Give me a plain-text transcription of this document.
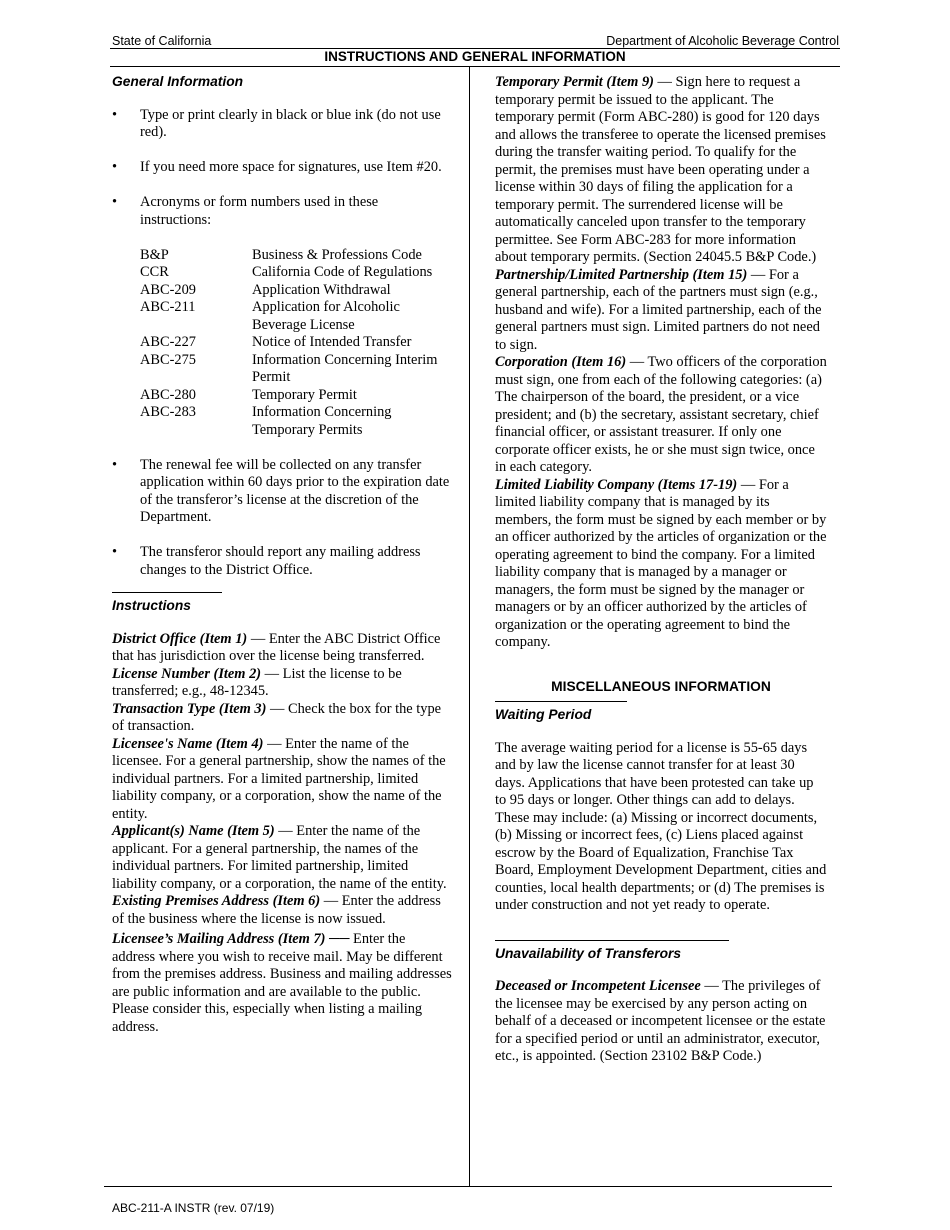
State of California	Department of Alcoholic Beverage Control
INSTRUCTIONS AND GENERAL INFORMATION
General Information
• Type or print clearly in black or blue ink (do not use red).
• If you need more space for signatures, use Item #20.
• Acronyms or form numbers used in these instructions:
B&P	Business & Professions Code
CCR	California Code of Regulations
ABC-209	Application Withdrawal
ABC-211	Application for Alcoholic Beverage License
ABC-227	Notice of Intended Transfer
ABC-275	Information Concerning Interim Permit
ABC-280	Temporary Permit
ABC-283	Information Concerning Temporary Permits
• The renewal fee will be collected on any transfer application within 60 days prior to the expiration date of the transferor’s license at the discretion of the Department.
• The transferor should report any mailing address changes to the District Office.
Instructions

District Office (Item 1) — Enter the ABC District Office that has jurisdiction over the license being transferred.

License Number (Item 2) — List the license to be transferred; e.g., 48-12345.

Transaction Type (Item 3) — Check the box for the type of transaction.

Licensee's Name (Item 4) — Enter the name of the licensee. For a general partnership, show the names of the individual partners. For a limited partnership, limited liability company, or a corporation, show the name of the entity.

Applicant(s) Name (Item 5) — Enter the name of the applicant. For a general partnership, the names of the individual partners. For limited partnership, limited liability company, or a corporation, the name of the entity.

Existing Premises Address (Item 6) — Enter the address of the business where the license is now issued.

Licensee’s Mailing Address (Item 7) ── Enter the address where you wish to receive mail. May be different from the premises address. Business and mailing addresses are public information and are available to the public. Please consider this, especially when listing a mailing address.

Temporary Permit (Item 9) — Sign here to request a temporary permit be issued to the applicant. The temporary permit (Form ABC-280) is good for 120 days and allows the transferee to operate the licensed premises during the transfer waiting period. To qualify for the permit, the premises must have been operating under a license within 30 days of filing the application for a temporary permit. The surrendered license will be automatically canceled upon transfer to the temporary permittee. See Form ABC-283 for more information about temporary permits. (Section 24045.5 B&P Code.)

Partnership/Limited Partnership (Item 15) — For a general partnership, each of the partners must sign (e.g., husband and wife). For a limited partnership, each of the general partners must sign. Limited partners do not need to sign.

Corporation (Item 16) — Two officers of the corporation must sign, one from each of the following categories: (a) The chairperson of the board, the president, or a vice president; and (b) the secretary, assistant secretary, chief financial officer, or assistant treasurer. If only one corporate officer exists, he or she must sign twice, once in each category.

Limited Liability Company (Items 17-19) — For a limited liability company that is managed by its members, the form must be signed by each member or by an officer authorized by the articles of organization or the operating agreement to bind the company. For a limited liability company that is managed by a manager or managers, the form must be signed by the manager or managers or by an officer authorized by the articles of organization or the operating agreement to bind the company.

MISCELLANEOUS INFORMATION
Waiting Period

The average waiting period for a license is 55-65 days and by law the license cannot transfer for at least 30 days. Applications that have been protested can take up to 95 days or longer. Other things can add to delays. These may include: (a) Missing or incorrect documents, (b) Missing or incorrect fees, (c) Liens placed against escrow by the Board of Equalization, Franchise Tax Board, Employment Development Department, cities and counties, local health departments; or (d) The premises is under construction and not yet ready to operate.

Unavailability of Transferors

Deceased or Incompetent Licensee — The privileges of the licensee may be exercised by any person acting on behalf of a deceased or incompetent licensee or the estate for a specified period or until an administrator, executor, etc., is appointed. (Section 23102 B&P Code.)

ABC-211-A INSTR (rev. 07/19)
